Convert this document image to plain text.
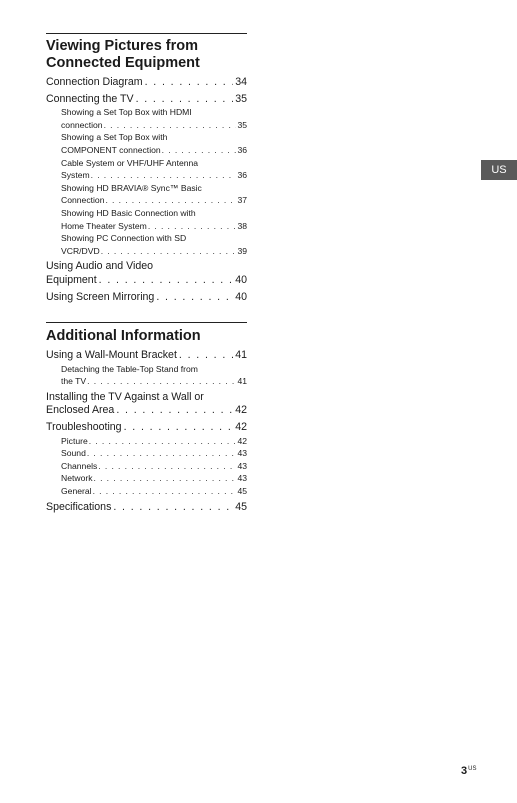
Viewing Pictures from
Connected Equipment
Connection Diagram . . .	34
Connecting the TV . . .	35
Showing a Set Top Box with HDMI
connection . . .	35
Showing a Set Top Box with
COMPONENT connection . . .	36
Cable System or VHF/UHF Antenna
System . . .	36
Showing HD BRAVIA® Sync™ Basic
Connection . . .	37
Showing HD Basic Connection with
Home Theater System . . .	38
Showing PC Connection with SD
VCR/DVD . . .	39
Using Audio and Video
Equipment . . .	40
Using Screen Mirroring . . .	40
Additional Information
Using a Wall-Mount Bracket . . .	41
Detaching the Table-Top Stand from
the TV . . .	41
Installing the TV Against a Wall or
Enclosed Area . . .	42
Troubleshooting . . .	42
Picture . . .	42
Sound . . .	43
Channels . . .	43
Network . . .	43
General . . .	45
Specifications . . .	45
US
$3^{US}$
